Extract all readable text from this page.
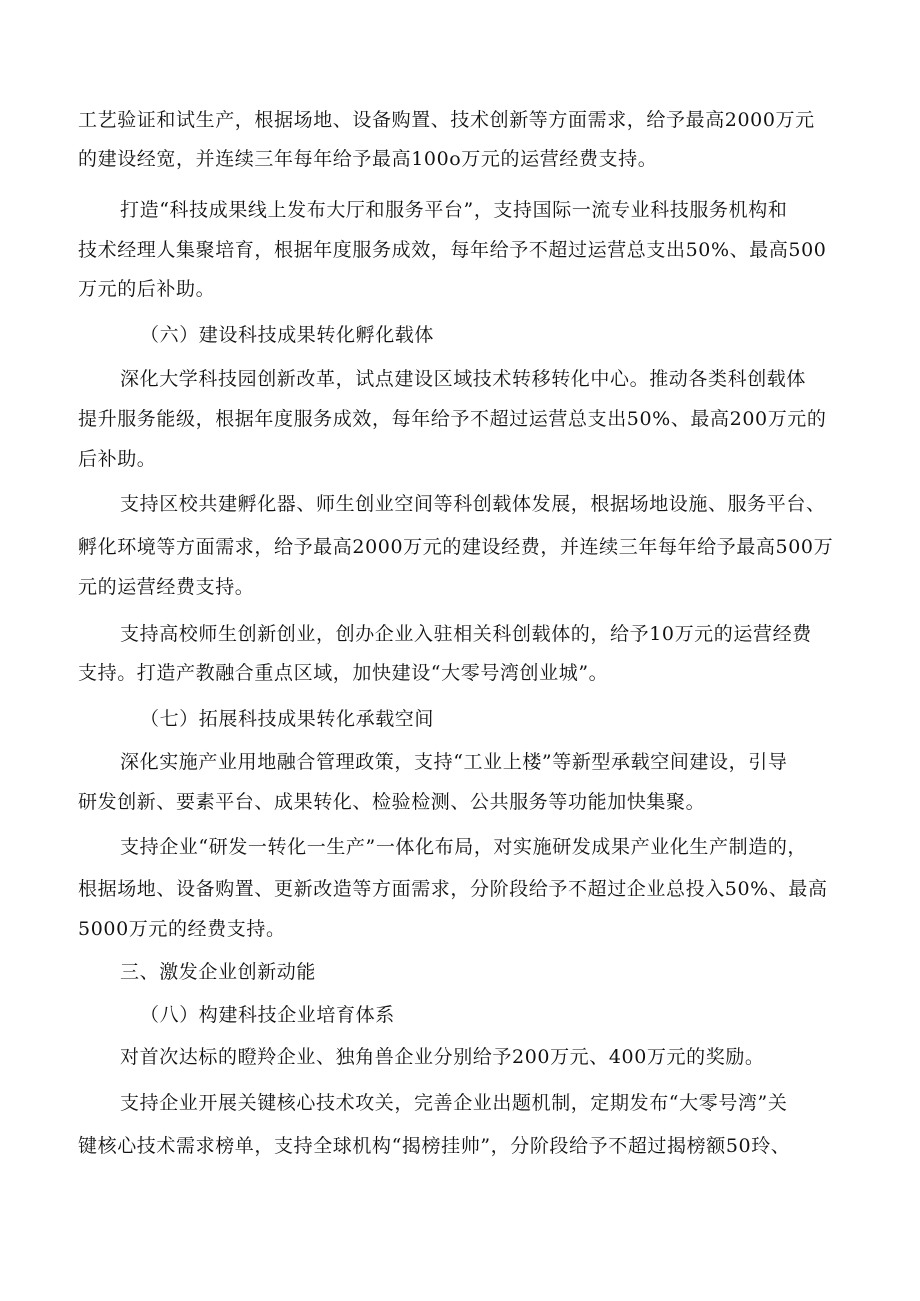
工艺验证和试生产，根据场地、设备购置、技术创新等方面需求，给予最高2000万元
的建设经宽，并连续三年每年给予最高100o万元的运营经费支持。
打造“科技成果线上发布大厅和服务平台”，支持国际一流专业科技服务机构和
技术经理人集聚培育，根据年度服务成效，每年给予不超过运营总支出50%、最高500
万元的后补助。
（六）建设科技成果转化孵化载体
深化大学科技园创新改革，试点建设区域技术转移转化中心。推动各类科创载体
提升服务能级，根据年度服务成效，每年给予不超过运营总支出50%、最高200万元的
后补助。
支持区校共建孵化器、师生创业空间等科创载体发展，根据场地设施、服务平台、
孵化环境等方面需求，给予最高2000万元的建设经费，并连续三年每年给予最高500万
元的运营经费支持。
支持高校师生创新创业，创办企业入驻相关科创载体的，给予10万元的运营经费
支持。打造产教融合重点区域，加快建设“大零号湾创业城”。
（七）拓展科技成果转化承载空间
深化实施产业用地融合管理政策，支持“工业上楼”等新型承载空间建设，引导
研发创新、要素平台、成果转化、检验检测、公共服务等功能加快集聚。
支持企业“研发一转化一生产”一体化布局，对实施研发成果产业化生产制造的，
根据场地、设备购置、更新改造等方面需求，分阶段给予不超过企业总投入50%、最高
5000万元的经费支持。
三、激发企业创新动能
（八）构建科技企业培育体系
对首次达标的瞪羚企业、独角兽企业分别给予200万元、400万元的奖励。
支持企业开展关键核心技术攻关，完善企业出题机制，定期发布“大零号湾”关
键核心技术需求榜单，支持全球机构“揭榜挂帅”，分阶段给予不超过揭榜额50玲、
